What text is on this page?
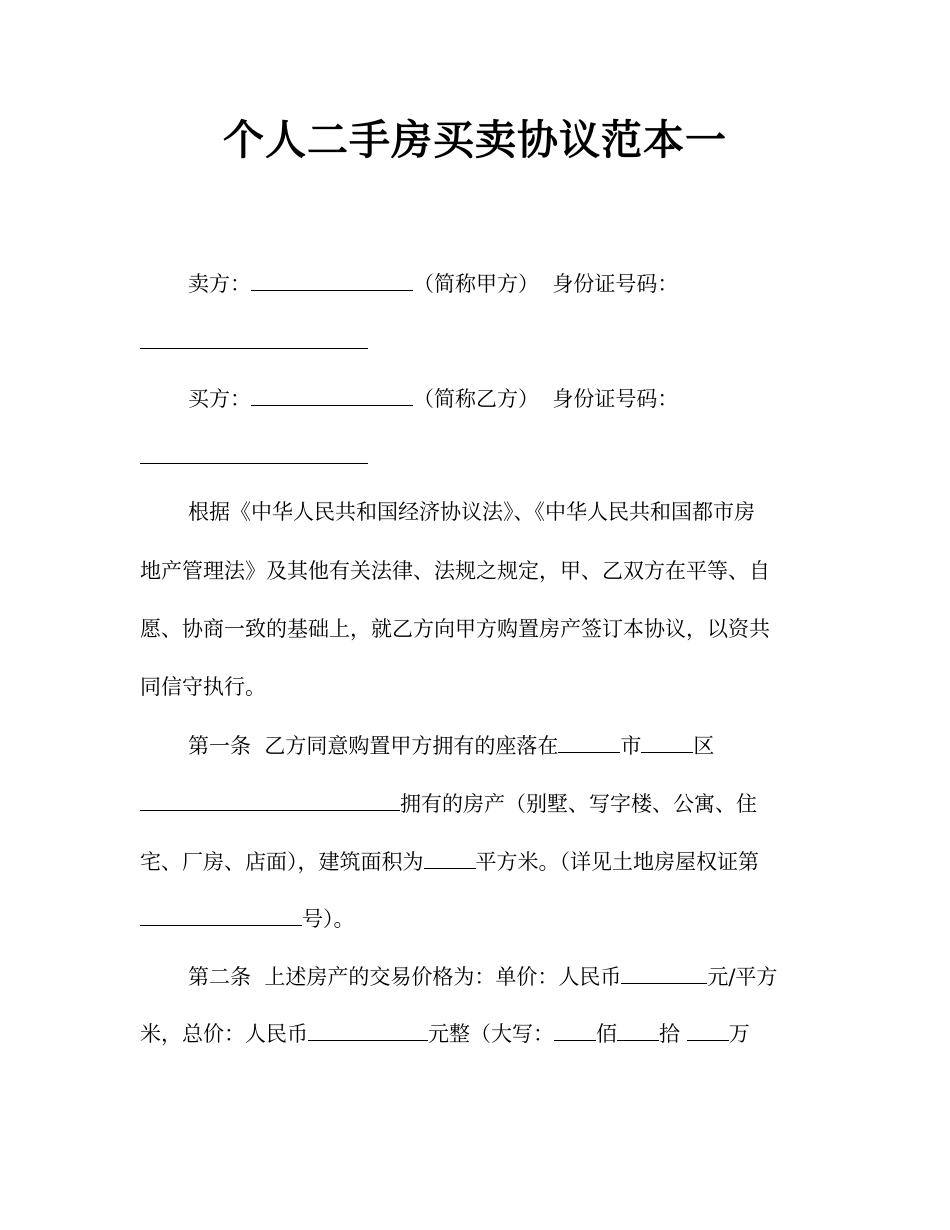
个人二手房买卖协议范本一
卖方：	（简称甲方） 身份证号码：
买方：	（简称乙方） 身份证号码：
根据《中华人民共和国经济协议法》、《中华人民共和国都市房
地产管理法》及其他有关法律、法规之规定，甲、乙双方在平等、自
愿、协商一致的基础上，就乙方向甲方购置房产签订本协议，以资共
同信守执行。
第一条  乙方同意购置甲方拥有的座落在	市 区
拥有的房产（别墅、写字楼、公寓、住
宅、厂房、店面），建筑面积为 平方米。（详见土地房屋权证第
号）。
第二条  上述房产的交易价格为：单价：人民币	元/平方
米，总价：人民币	元整（大写： 佰 拾 万
